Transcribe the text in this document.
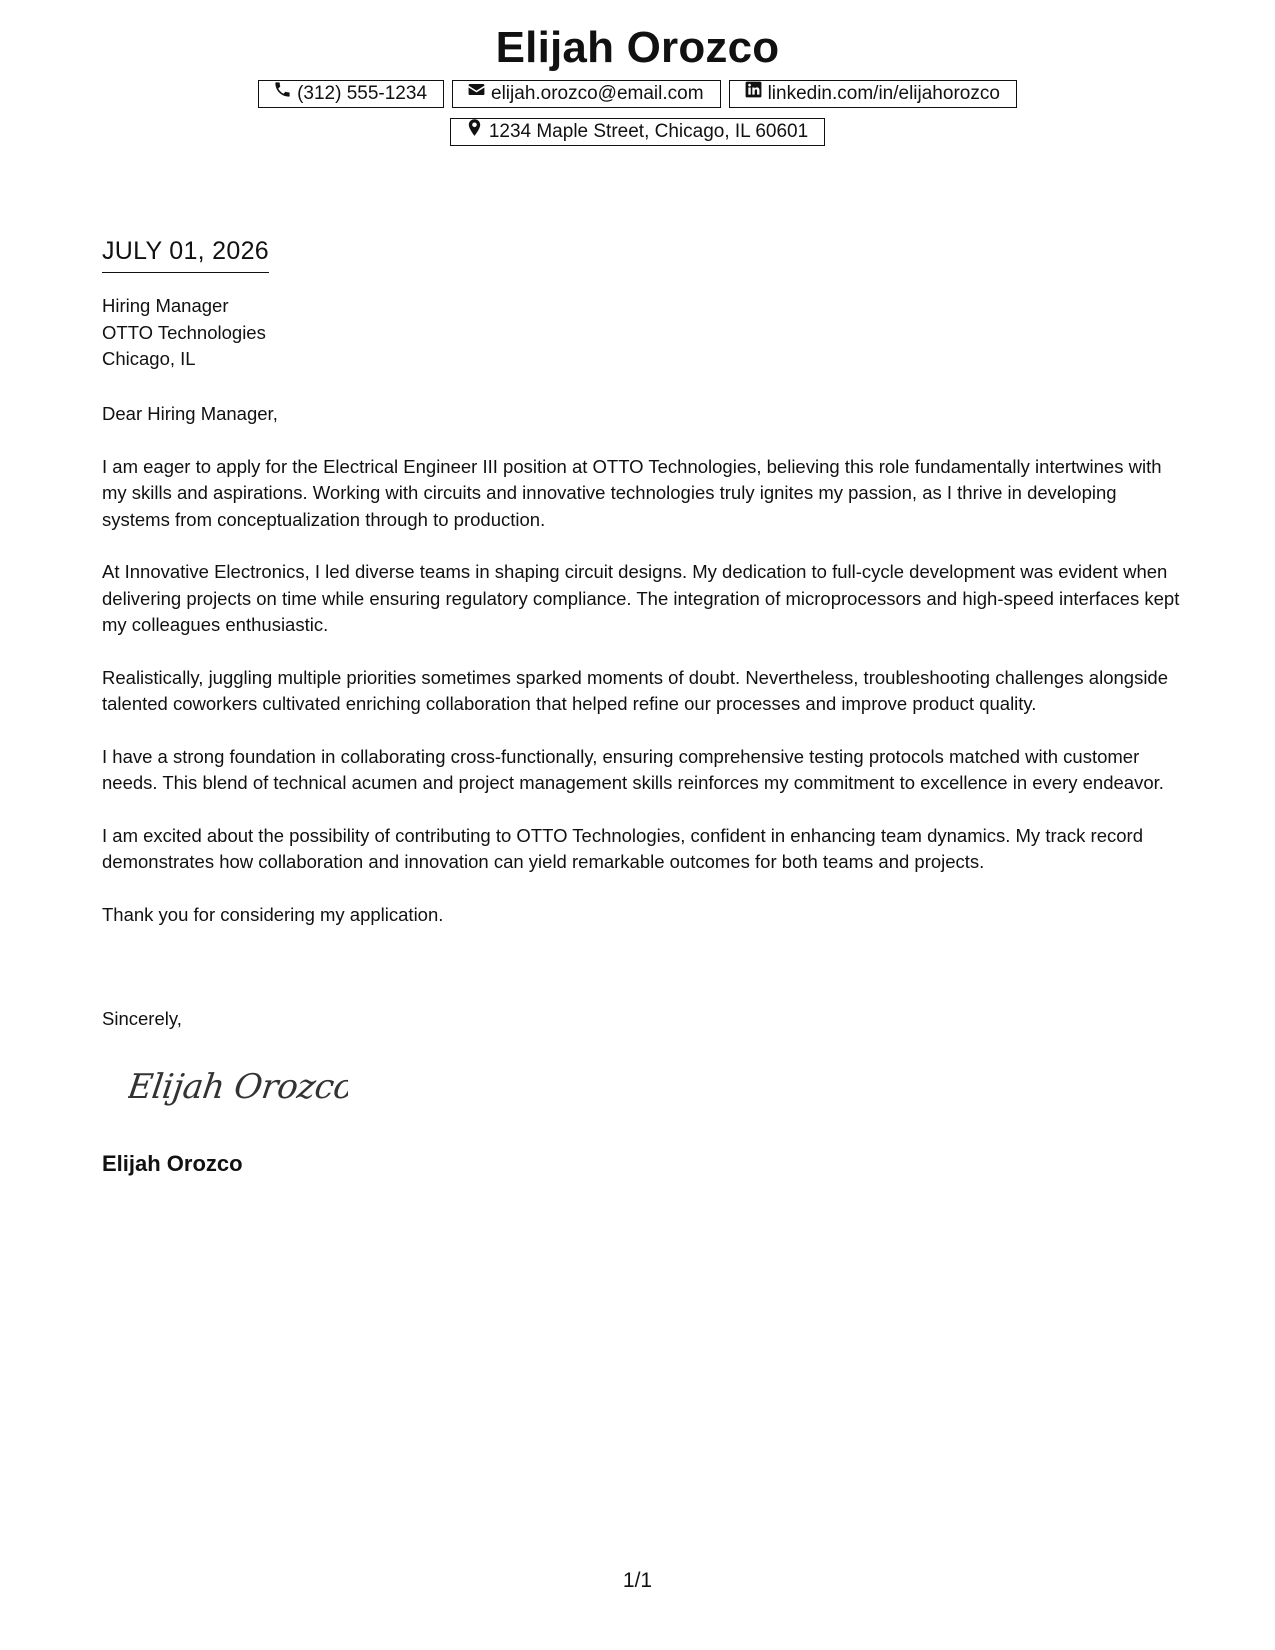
Elijah Orozco
(312) 555-1234	elijah.orozco@email.com	linkedin.com/in/elijahorozco
1234 Maple Street, Chicago, IL 60601
JULY 01, 2026
Hiring Manager
OTTO Technologies
Chicago, IL

Dear Hiring Manager,

I am eager to apply for the Electrical Engineer III position at OTTO Technologies, believing this role fundamentally intertwines with my skills and aspirations. Working with circuits and innovative technologies truly ignites my passion, as I thrive in developing systems from conceptualization through to production.

At Innovative Electronics, I led diverse teams in shaping circuit designs. My dedication to full-cycle development was evident when delivering projects on time while ensuring regulatory compliance. The integration of microprocessors and high-speed interfaces kept my colleagues enthusiastic.

Realistically, juggling multiple priorities sometimes sparked moments of doubt. Nevertheless, troubleshooting challenges alongside talented coworkers cultivated enriching collaboration that helped refine our processes and improve product quality.

I have a strong foundation in collaborating cross-functionally, ensuring comprehensive testing protocols matched with customer needs. This blend of technical acumen and project management skills reinforces my commitment to excellence in every endeavor.

I am excited about the possibility of contributing to OTTO Technologies, confident in enhancing team dynamics. My track record demonstrates how collaboration and innovation can yield remarkable outcomes for both teams and projects.

Thank you for considering my application.

Sincerely,
Elijah Orozco
Elijah Orozco
1/1
